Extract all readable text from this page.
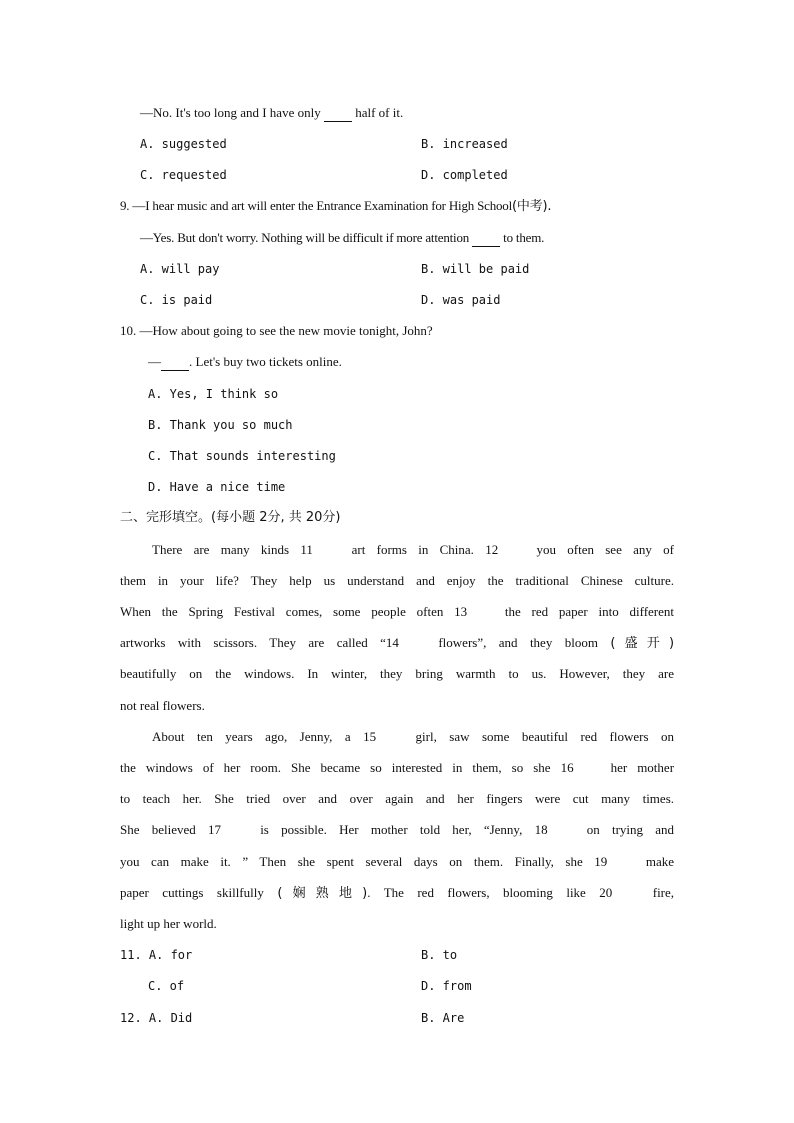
—No. It's too long and I have only	half of it.
A. suggested	B. increased
C. requested	D. completed
9. —I hear music and art will enter the Entrance Examination for High School(中考).
—Yes. But don't worry. Nothing will be difficult if more attention	to them.
A. will pay	B. will be paid
C. is paid	D. was paid
10. —How about going to see the new movie tonight, John?
— . Let's buy two tickets online.
A. Yes, I think so
B. Thank you so much
C. That sounds interesting
D. Have a nice time
二、完形填空。(每小题 2分, 共 20分)
There are many kinds 11	art forms in China. 12	you often see any of
them in your life? They help us understand and enjoy the traditional Chinese culture.
When the Spring Festival comes, some people often 13	the red paper into different
artworks with scissors. They are called “14	flowers”, and they bloom (盛开)
beautifully on the windows. In winter, they bring warmth to us. However, they are
not real flowers.
About ten years ago, Jenny, a 15	girl, saw some beautiful red flowers on
the windows of her room. She became so interested in them, so she 16	her mother
to teach her. She tried over and over again and her fingers were cut many times.
She believed 17	is possible. Her mother told her, “Jenny, 18	on trying and
you can make it. ” Then she spent several days on them. Finally, she 19	make
paper cuttings skillfully (娴熟地). The red flowers, blooming like 20	fire,
light up her world.
11. A. for	B. to
C. of	D. from
12. A. Did	B. Are
